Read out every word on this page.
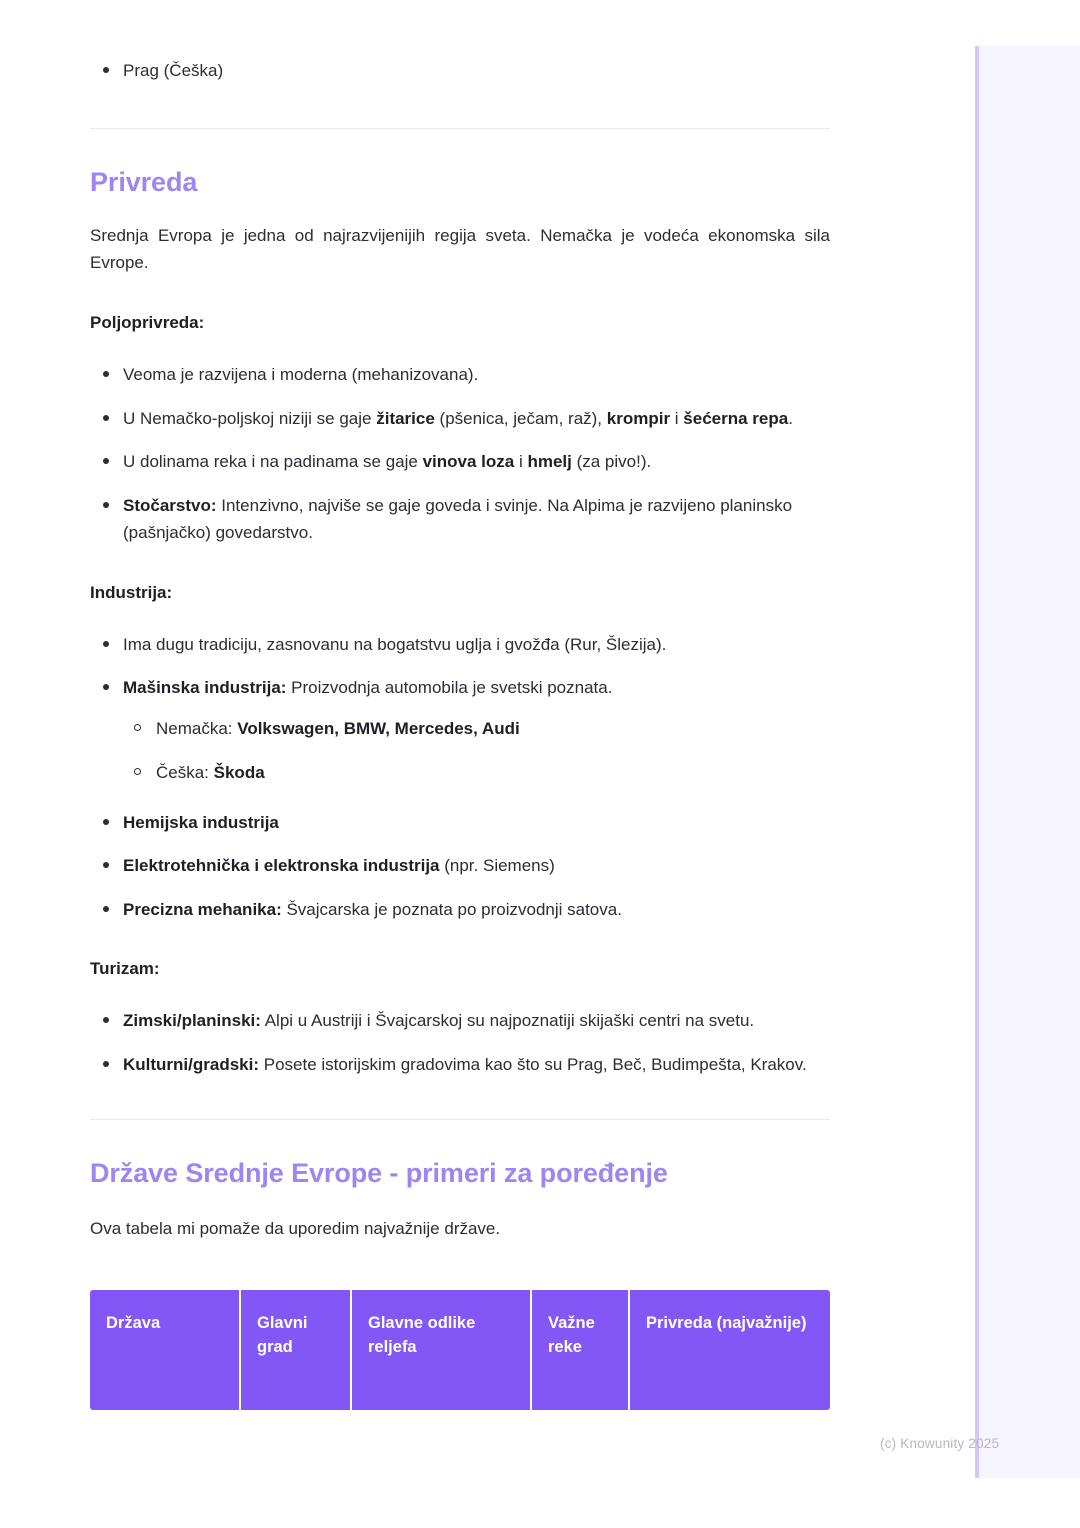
(c) Knowunity 2025
Prag (Češka)
Privreda

Srednja Evropa je jedna od najrazvijenijih regija sveta. Nemačka je vodeća ekonomska sila Evrope.

Poljoprivreda:

Veoma je razvijena i moderna (mehanizovana).
U Nemačko-poljskoj niziji se gaje žitarice (pšenica, ječam, raž), krompir i šećerna repa.
U dolinama reka i na padinama se gaje vinova loza i hmelj (za pivo!).
Stočarstvo: Intenzivno, najviše se gaje goveda i svinje. Na Alpima je razvijeno planinsko (pašnjačko) govedarstvo.

Industrija:

Ima dugu tradiciju, zasnovanu na bogatstvu uglja i gvožđa (Rur, Šlezija).
Mašinska industrija: Proizvodnja automobila je svetski poznata.
Nemačka: Volkswagen, BMW, Mercedes, Audi
Češka: Škoda
Hemijska industrija
Elektrotehnička i elektronska industrija (npr. Siemens)
Precizna mehanika: Švajcarska je poznata po proizvodnji satova.

Turizam:

Zimski/planinski: Alpi u Austriji i Švajcarskoj su najpoznatiji skijaški centri na svetu.
Kulturni/gradski: Posete istorijskim gradovima kao što su Prag, Beč, Budimpešta, Krakov.
Države Srednje Evrope - primeri za poređenje

Ova tabela mi pomaže da uporedim najvažnije države.

Država	Glavni grad	Glavne odlike reljefa	Važne reke	Privreda (najvažnije)
